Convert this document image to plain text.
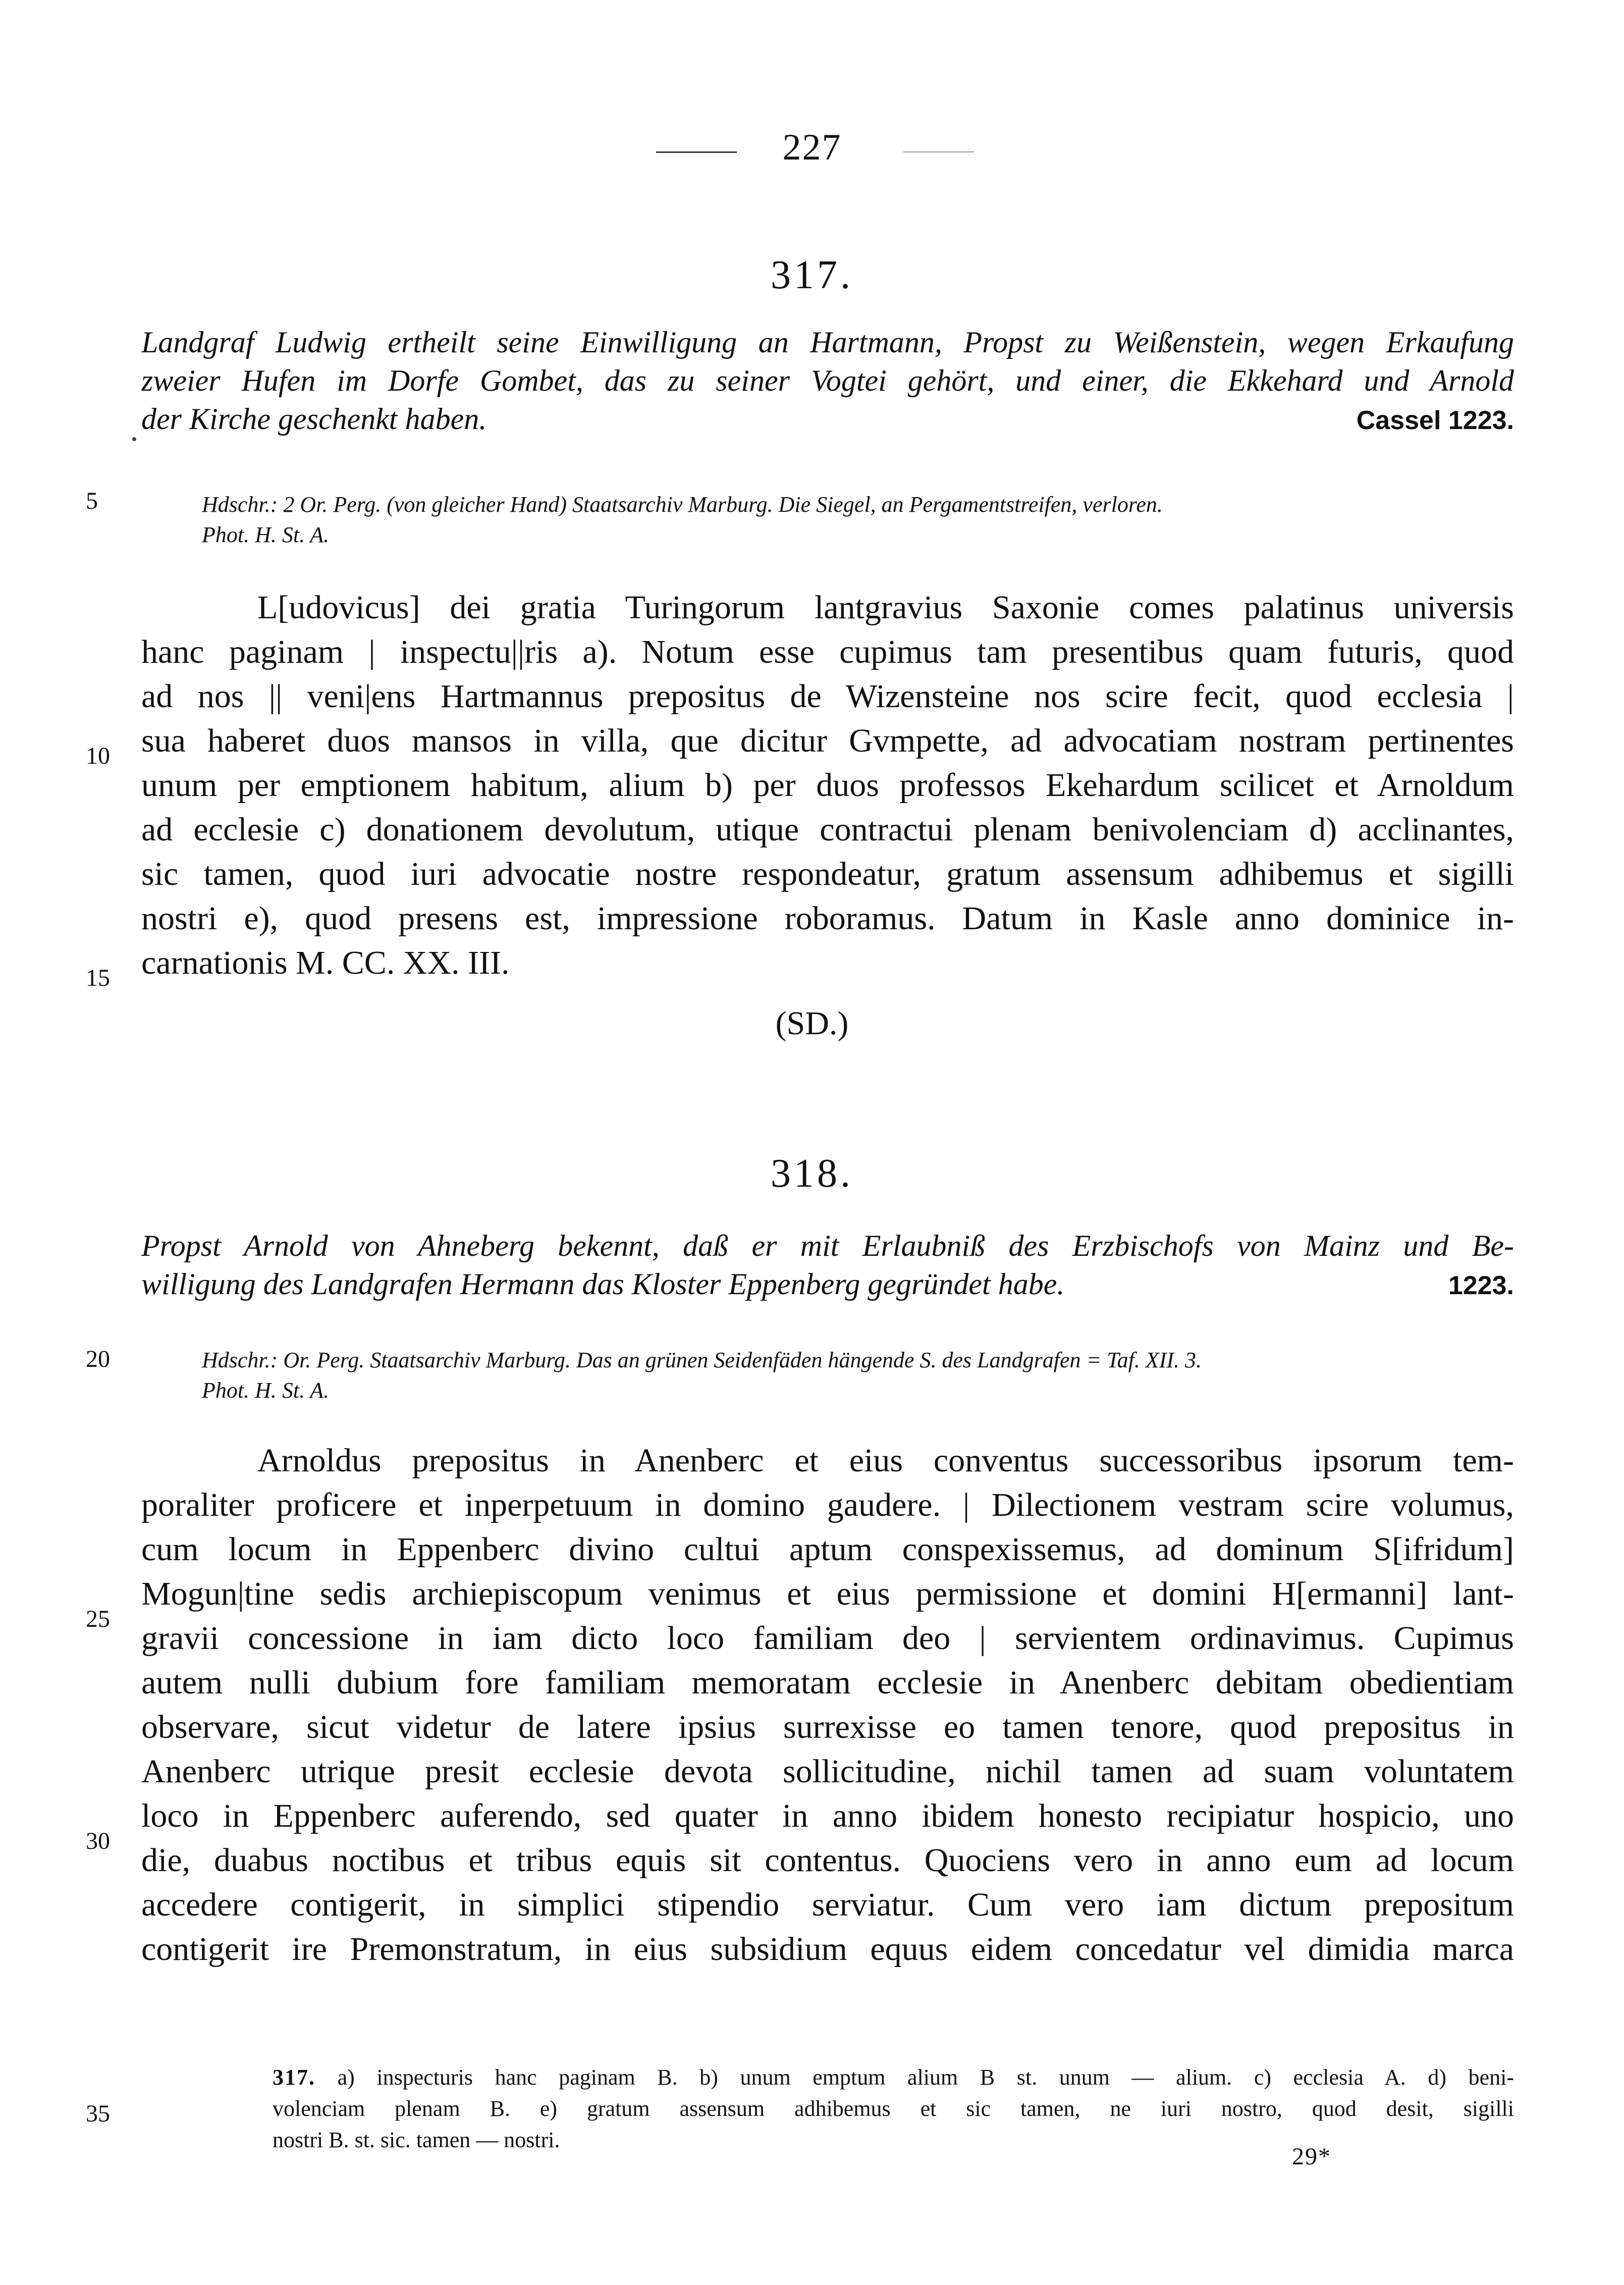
227
317.
Landgraf Ludwig ertheilt seine Einwilligung an Hartmann, Propst zu Weißenstein, wegen Erkaufung
zweier Hufen im Dorfe Gombet, das zu seiner Vogtei gehört, und einer, die Ekkehard und Arnold
der Kirche geschenkt haben.	Cassel 1223.
5	Hdschr.: 2 Or. Perg. (von gleicher Hand) Staatsarchiv Marburg. Die Siegel, an Pergamentstreifen, verloren.
Phot. H. St. A.
L[udovicus] dei gratia Turingorum lantgravius Saxonie comes palatinus universis
hanc paginam | inspectu||ris a). Notum esse cupimus tam presentibus quam futuris, quod
ad nos || veni|ens Hartmannus prepositus de Wizensteine nos scire fecit, quod ecclesia |
sua haberet duos mansos in villa, que dicitur Gvmpette, ad advocatiam nostram pertinentes
unum per emptionem habitum, alium b) per duos professos Ekehardum scilicet et Arnoldum
ad ecclesie c) donationem devolutum, utique contractui plenam benivolenciam d) acclinantes,
sic tamen, quod iuri advocatie nostre respondeatur, gratum assensum adhibemus et sigilli
nostri e), quod presens est, impressione roboramus. Datum in Kasle anno dominice in-
carnationis M. CC. XX. III.
10
15
(SD.)
318.
Propst Arnold von Ahneberg bekennt, daß er mit Erlaubniß des Erzbischofs von Mainz und Be-
willigung des Landgrafen Hermann das Kloster Eppenberg gegründet habe.	1223.
20	Hdschr.: Or. Perg. Staatsarchiv Marburg. Das an grünen Seidenfäden hängende S. des Landgrafen = Taf. XII. 3.
Phot. H. St. A.
Arnoldus prepositus in Anenberc et eius conventus successoribus ipsorum tem-
poraliter proficere et inperpetuum in domino gaudere. | Dilectionem vestram scire volumus,
cum locum in Eppenberc divino cultui aptum conspexissemus, ad dominum S[ifridum]
Mogun|tine sedis archiepiscopum venimus et eius permissione et domini H[ermanni] lant-
gravii concessione in iam dicto loco familiam deo | servientem ordinavimus. Cupimus
autem nulli dubium fore familiam memoratam ecclesie in Anenberc debitam obedientiam
observare, sicut videtur de latere ipsius surrexisse eo tamen tenore, quod prepositus in
Anenberc utrique presit ecclesie devota sollicitudine, nichil tamen ad suam voluntatem
loco in Eppenberc auferendo, sed quater in anno ibidem honesto recipiatur hospicio, uno
die, duabus noctibus et tribus equis sit contentus. Quociens vero in anno eum ad locum
accedere contigerit, in simplici stipendio serviatur. Cum vero iam dictum prepositum
contigerit ire Premonstratum, in eius subsidium equus eidem concedatur vel dimidia marca
25
30
35
317. a) inspecturis hanc paginam B. b) unum emptum alium B st. unum — alium. c) ecclesia A. d) beni-
volenciam plenam B. e) gratum assensum adhibemus et sic tamen, ne iuri nostro, quod desit, sigilli
nostri B. st. sic. tamen — nostri.
29*
